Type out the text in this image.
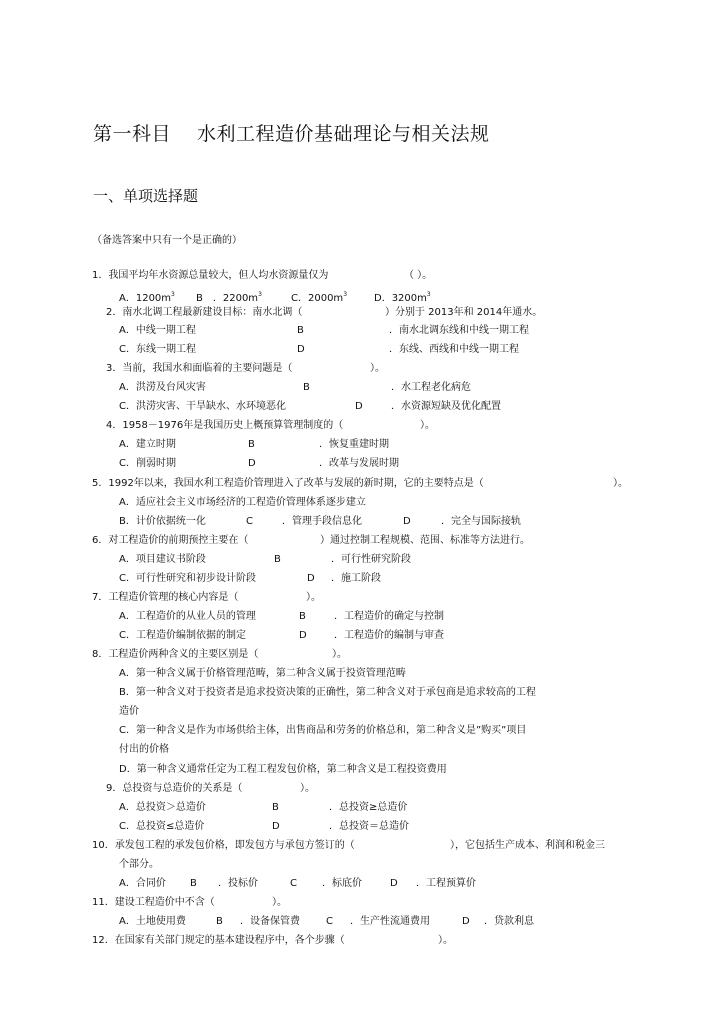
第一科目 水利工程造价基础理论与相关法规
一、单项选择题
（备选答案中只有一个是正确的）
1．我国平均年水资源总量较大，但人均水资源量仅为	（ ）。
A．$1200m^3$ B　．$2200m^3$	C．$2000m^3$	D．$3200m^3$
2．南水北调工程最新建设目标：南水北调（	）分别于 2013年和 2014年通水。
A．中线一期工程	B	．南水北调东线和中线一期工程
C．东线一期工程	D	．东线、西线和中线一期工程
3．当前，我国水和面临着的主要问题是（	）。
A．洪涝及台风灾害	B	．水工程老化病危
C．洪涝灾害、干旱缺水、水环境恶化	D	．水资源短缺及优化配置
4．1958－1976年是我国历史上概预算管理制度的（	）。
A．建立时期	B	．恢复重建时期
C．削弱时期	D	．改革与发展时期
5．1992年以来，我国水利工程造价管理进入了改革与发展的新时期，它的主要特点是（	）。
A．适应社会主义市场经济的工程造价管理体系逐步建立
B．计价依据统一化	C	．管理手段信息化	D	．完全与国际接轨
6．对工程造价的前期预控主要在（	）通过控制工程规模、范围、标准等方法进行。
A．项目建议书阶段	B	．可行性研究阶段
C．可行性研究和初步设计阶段	D ．施工阶段
7．工程造价管理的核心内容是（	）。
A．工程造价的从业人员的管理	B	．工程造价的确定与控制
C．工程造价编制依据的制定	D	．工程造价的编制与审查
8．工程造价两种含义的主要区别是（	）。
A．第一种含义属于价格管理范畴，第二种含义属于投资管理范畴
B．第一种含义对于投资者是追求投资决策的正确性，第二种含义对于承包商是追求较高的工程
造价
C．第一种含义是作为市场供给主体，出售商品和劳务的价格总和，第二种含义是”购买”项目
付出的价格
D．第一种含义通常任定为工程工程发包价格，第二种含义是工程投资费用
9．总投资与总造价的关系是（	）。
A．总投资＞总造价	B	．总投资≥总造价
C．总投资≤总造价	D	．总投资＝总造价
10．承发包工程的承发包价格，即发包方与承包方签订的（	），它包括生产成本、利润和税金三
个部分。
A．合同价 B ．投标价	C	．标底价	D ．工程预算价
11．建设工程造价中不含（	）。
A．土地使用费	B ．设备保管费	C ．生产性流通费用	D ．贷款利息
12．在国家有关部门规定的基本建设程序中，各个步骤（	）。
